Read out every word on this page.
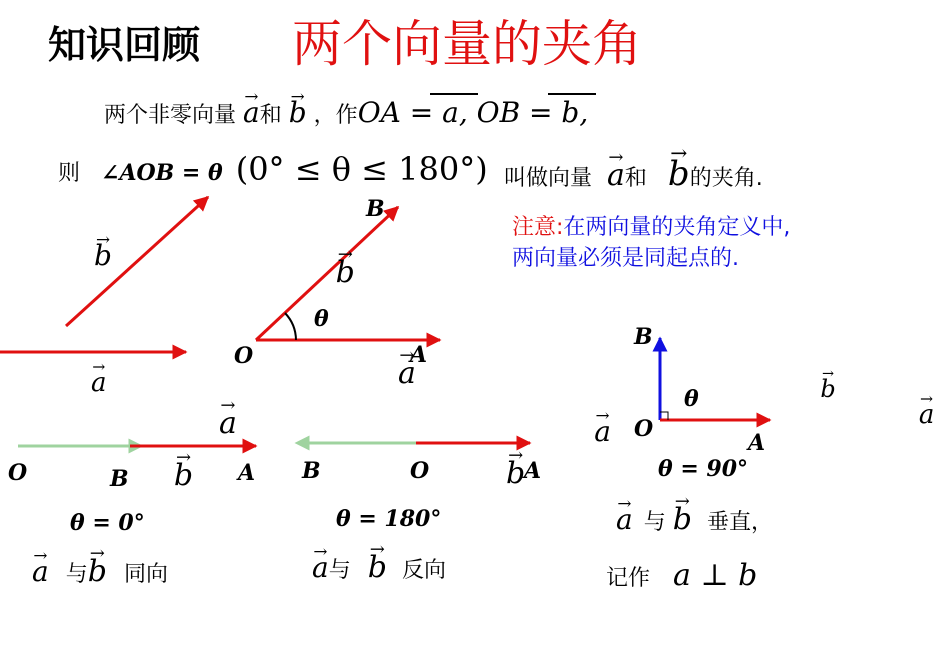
知识回顾 两个向量的夹角
两个非零向量 → a和 → b ，作OA = a, OB = b,
则 ∠AOB = θ (0° ≤ θ ≤ 180°) 叫做向量 → a和 → b的夹角.
注意:在两向量的夹角定义中,两向量必须是同起点的.
→ b → a
B
→ b
θ
O	→ a
A
→ a
O	→ b
B	A
θ = 0°
→ a
B	→ b
O	A
θ = 180°
B
→ b
θ
→ a
O
A
θ = 90°
→ a 与→ b 同向	→ a与 → b 反向
→ a 与 → b 垂直，
记作 a ⊥ b
